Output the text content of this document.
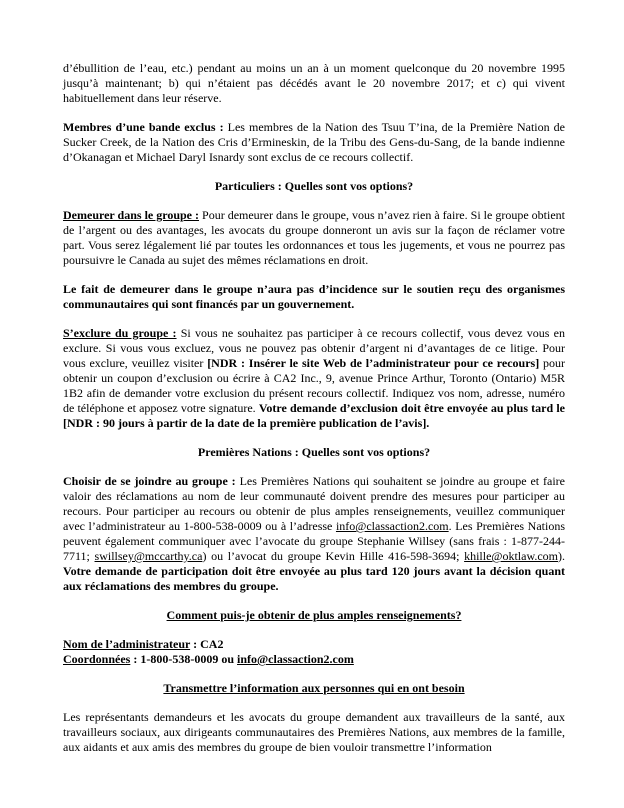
d’ébullition de l’eau, etc.) pendant au moins un an à un moment quelconque du 20 novembre 1995 jusqu’à maintenant; b) qui n’étaient pas décédés avant le 20 novembre 2017; et c) qui vivent habituellement dans leur réserve.
Membres d’une bande exclus : Les membres de la Nation des Tsuu T’ina, de la Première Nation de Sucker Creek, de la Nation des Cris d’Ermineskin, de la Tribu des Gens-du-Sang, de la bande indienne d’Okanagan et Michael Daryl Isnardy sont exclus de ce recours collectif.
Particuliers : Quelles sont vos options?
Demeurer dans le groupe : Pour demeurer dans le groupe, vous n’avez rien à faire. Si le groupe obtient de l’argent ou des avantages, les avocats du groupe donneront un avis sur la façon de réclamer votre part. Vous serez légalement lié par toutes les ordonnances et tous les jugements, et vous ne pourrez pas poursuivre le Canada au sujet des mêmes réclamations en droit.
Le fait de demeurer dans le groupe n’aura pas d’incidence sur le soutien reçu des organismes communautaires qui sont financés par un gouvernement.
S’exclure du groupe : Si vous ne souhaitez pas participer à ce recours collectif, vous devez vous en exclure. Si vous vous excluez, vous ne pouvez pas obtenir d’argent ni d’avantages de ce litige. Pour vous exclure, veuillez visiter [NDR : Insérer le site Web de l’administrateur pour ce recours] pour obtenir un coupon d’exclusion ou écrire à CA2 Inc., 9, avenue Prince Arthur, Toronto (Ontario) M5R 1B2 afin de demander votre exclusion du présent recours collectif. Indiquez vos nom, adresse, numéro de téléphone et apposez votre signature. Votre demande d’exclusion doit être envoyée au plus tard le [NDR : 90 jours à partir de la date de la première publication de l’avis].
Premières Nations : Quelles sont vos options?
Choisir de se joindre au groupe : Les Premières Nations qui souhaitent se joindre au groupe et faire valoir des réclamations au nom de leur communauté doivent prendre des mesures pour participer au recours. Pour participer au recours ou obtenir de plus amples renseignements, veuillez communiquer avec l’administrateur au 1-800-538-0009 ou à l’adresse info@classaction2.com. Les Premières Nations peuvent également communiquer avec l’avocate du groupe Stephanie Willsey (sans frais : 1-877-244-7711; swillsey@mccarthy.ca) ou l’avocat du groupe Kevin Hille 416-598-3694; khille@oktlaw.com). Votre demande de participation doit être envoyée au plus tard 120 jours avant la décision quant aux réclamations des membres du groupe.
Comment puis-je obtenir de plus amples renseignements?
Nom de l’administrateur : CA2
Coordonnées : 1-800-538-0009 ou info@classaction2.com
Transmettre l’information aux personnes qui en ont besoin
Les représentants demandeurs et les avocats du groupe demandent aux travailleurs de la santé, aux travailleurs sociaux, aux dirigeants communautaires des Premières Nations, aux membres de la famille, aux aidants et aux amis des membres du groupe de bien vouloir transmettre l’information
